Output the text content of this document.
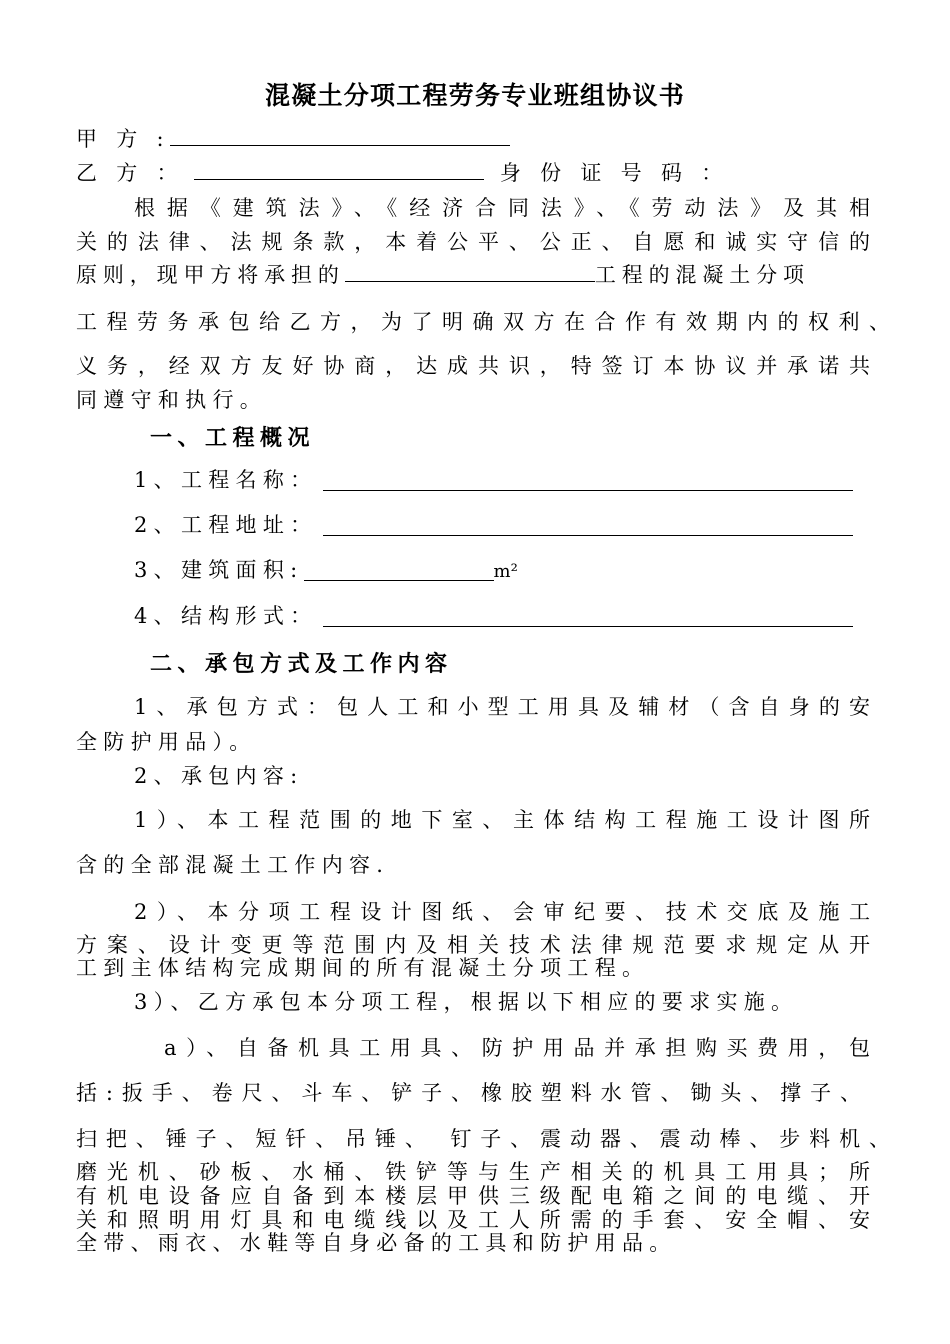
混凝土分项工程劳务专业班组协议书
甲 方 :
乙 方 ：	身 份 证 号 码 ：
根据《建筑法》、《经济合同法》、《劳动法》及其相
关的法律、法规条款，本着公平、公正、自愿和诚实守信的
原则，现甲方将承担的	工程的混凝土分项
工程劳务承包给乙方，为了明确双方在合作有效期内的权利、
义务，经双方友好协商，达成共识，特签订本协议并承诺共
同遵守和执行。
一、工程概况
1、工程名称：
2、工程地址：
3、建筑面积:	m²
4、结构形式：
二、承包方式及工作内容
1、承包方式：包人工和小型工用具及辅材（含自身的安
全防护用品）。
2、承包内容:
1）、本工程范围的地下室、主体结构工程施工设计图所
含的全部混凝土工作内容.
2）、本分项工程设计图纸、会审纪要、技术交底及施工
方案、设计变更等范围内及相关技术法律规范要求规定从开
工到主体结构完成期间的所有混凝土分项工程。
3）、乙方承包本分项工程，根据以下相应的要求实施。
a）、自备机具工用具、防护用品并承担购买费用，包
括:扳手、卷尺、斗车、铲子、橡胶塑料水管、锄头、撑子、
扫把、锤子、短钎、吊锤、 钉子、震动器、震动棒、步料机、
磨光机、砂板、水桶、铁铲等与生产相关的机具工用具；所
有机电设备应自备到本楼层甲供三级配电箱之间的电缆、开
关和照明用灯具和电缆线以及工人所需的手套、安全帽、安
全带、雨衣、水鞋等自身必备的工具和防护用品。
